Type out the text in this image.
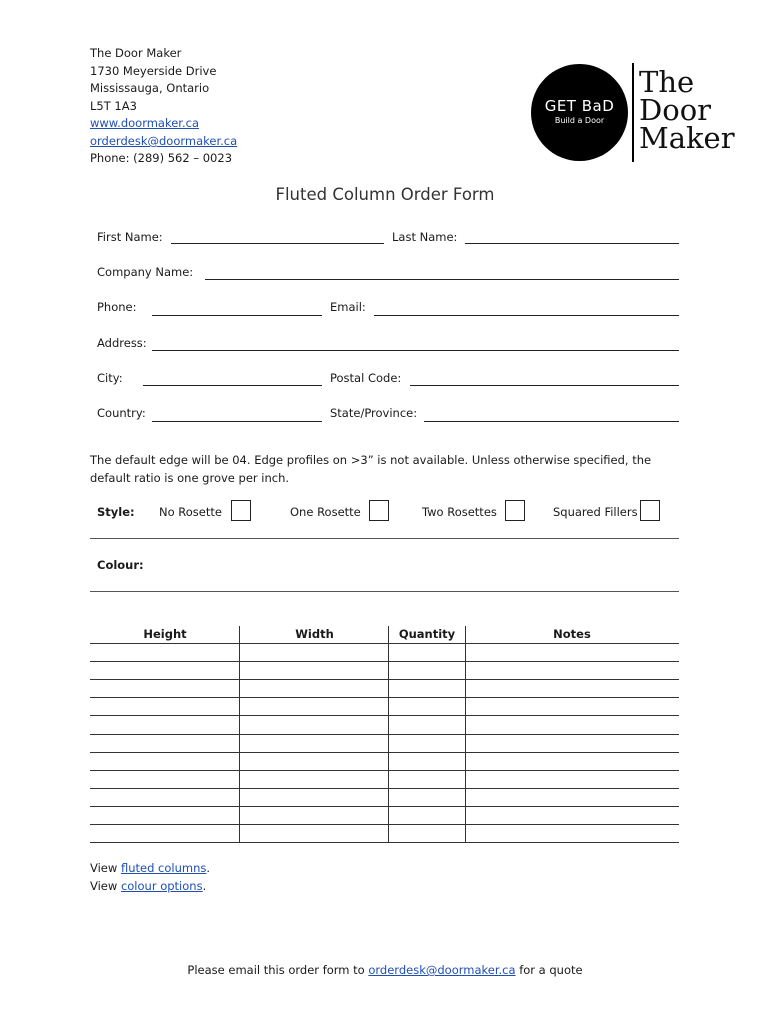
The Door Maker
1730 Meyerside Drive
Mississauga, Ontario
L5T 1A3
www.doormaker.ca
orderdesk@doormaker.ca
Phone: (289) 562 – 0023
GET BaD
Build a Door
The
Door
Maker
Fluted Column Order Form
First Name:	Last Name:
Company Name:
Phone:	Email:
Address:
City:	Postal Code:
Country:	State/Province:
The default edge will be 04. Edge profiles on >3” is not available. Unless otherwise specified, the default ratio is one grove per inch.
Style: No Rosette	One Rosette	Two Rosettes	Squared Fillers
Colour:
Height	Width	Quantity	Notes
View fluted columns.
View colour options.
Please email this order form to orderdesk@doormaker.ca for a quote
